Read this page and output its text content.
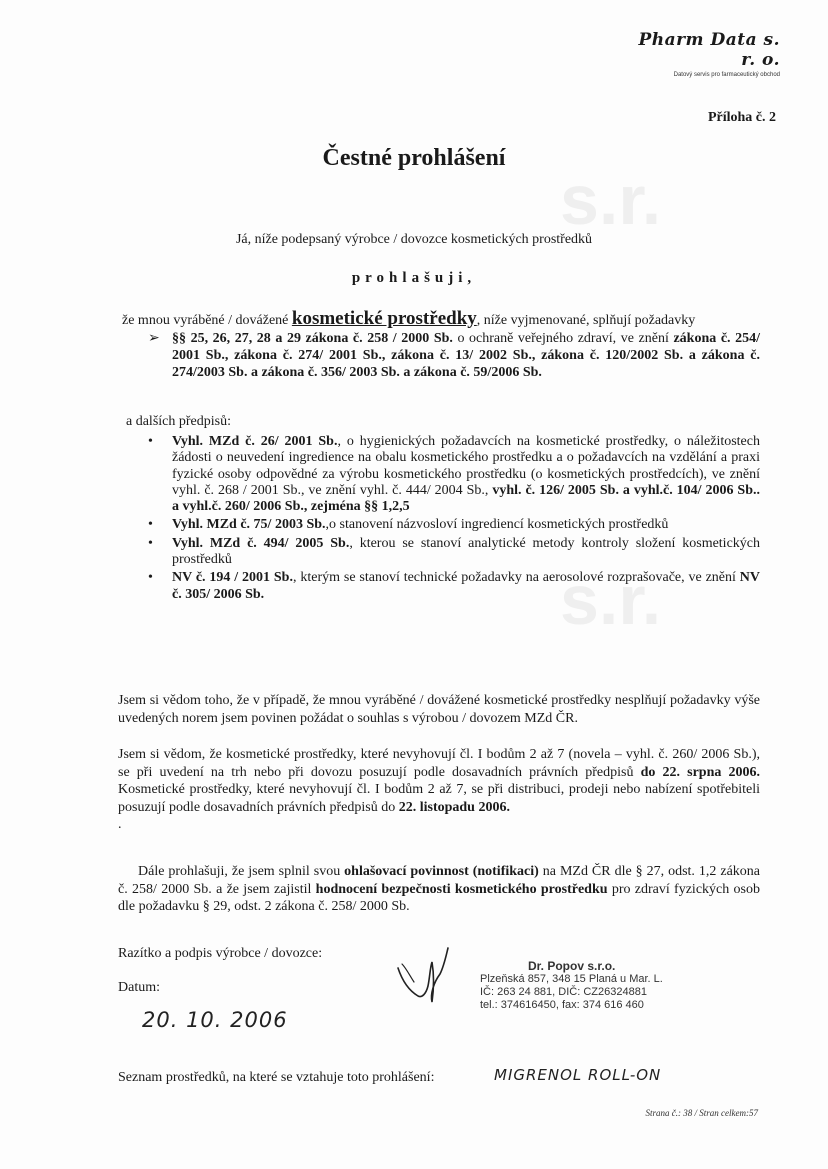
s.r.
s.r.
Pharm Data s. r. o.
Datový servis pro farmaceutický obchod
Příloha č. 2
Čestné prohlášení
Já, níže podepsaný výrobce / dovozce kosmetických prostředků
prohlašuji,
že mnou vyráběné / dovážené kosmetické prostředky, níže vyjmenované, splňují požadavky
➢ §§ 25, 26, 27, 28 a 29 zákona č. 258 / 2000 Sb. o ochraně veřejného zdraví, ve znění zákona č. 254/ 2001 Sb., zákona č. 274/ 2001 Sb., zákona č. 13/ 2002 Sb., zákona č. 120/2002 Sb. a zákona č. 274/2003 Sb. a zákona č. 356/ 2003 Sb. a zákona č. 59/2006 Sb.
a dalších předpisů:
• Vyhl. MZd č. 26/ 2001 Sb., o hygienických požadavcích na kosmetické prostředky, o náležitostech žádosti o neuvedení ingredience na obalu kosmetického prostředku a o požadavcích na vzdělání a praxi fyzické osoby odpovědné za výrobu kosmetického prostředku (o kosmetických prostředcích), ve znění vyhl. č. 268 / 2001 Sb., ve znění vyhl. č. 444/ 2004 Sb., vyhl. č. 126/ 2005 Sb. a vyhl.č. 104/ 2006 Sb.. a vyhl.č. 260/ 2006 Sb., zejména §§ 1,2,5
• Vyhl. MZd č. 75/ 2003 Sb.,o stanovení názvosloví ingrediencí kosmetických prostředků
• Vyhl. MZd č. 494/ 2005 Sb., kterou se stanoví analytické metody kontroly složení kosmetických prostředků
• NV č. 194 / 2001 Sb., kterým se stanoví technické požadavky na aerosolové rozprašovače, ve znění NV č. 305/ 2006 Sb.
Jsem si vědom toho, že v případě, že mnou vyráběné / dovážené kosmetické prostředky nesplňují požadavky výše uvedených norem jsem povinen požádat o souhlas s výrobou / dovozem MZd ČR.
Jsem si vědom, že kosmetické prostředky, které nevyhovují čl. I bodům 2 až 7 (novela – vyhl. č. 260/ 2006 Sb.), se při uvedení na trh nebo při dovozu posuzují podle dosavadních právních předpisů do 22. srpna 2006. Kosmetické prostředky, které nevyhovují čl. I bodům 2 až 7, se při distribuci, prodeji nebo nabízení spotřebiteli posuzují podle dosavadních právních předpisů do 22. listopadu 2006.
.
Dále prohlašuji, že jsem splnil svou ohlašovací povinnost (notifikaci) na MZd ČR dle § 27, odst. 1,2 zákona č. 258/ 2000 Sb. a že jsem zajistil hodnocení bezpečnosti kosmetického prostředku pro zdraví fyzických osob dle požadavku § 29, odst. 2 zákona č. 258/ 2000 Sb.
Razítko a podpis výrobce / dovozce:
Dr. Popov s.r.o.
Plzeňská 857, 348 15 Planá u Mar. L.
IČ: 263 24 881, DIČ: CZ26324881
tel.: 374616450, fax: 374 616 460
Datum:
20. 10. 2006
Seznam prostředků, na které se vztahuje toto prohlášení:	MIGRENOL ROLL-ON
Strana č.: 38 / Stran celkem:57
